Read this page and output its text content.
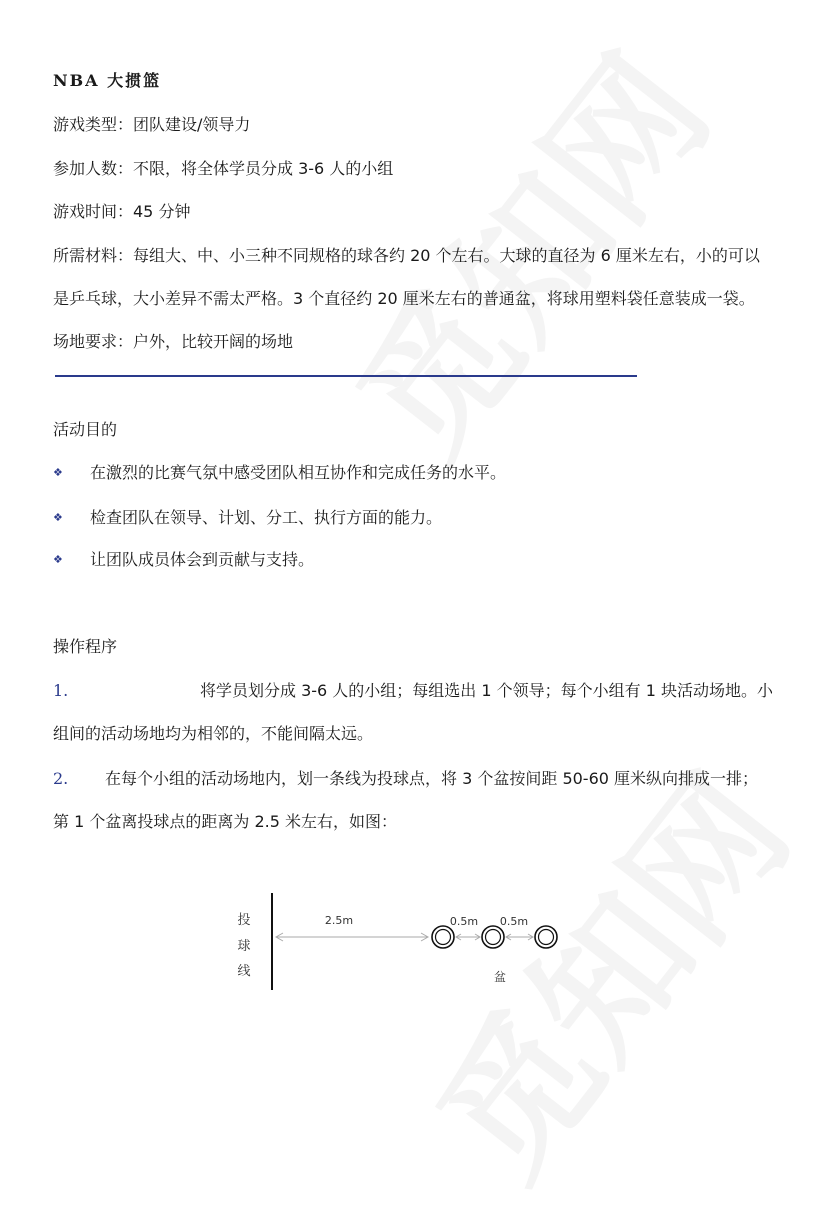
NBA 大掼篮
游戏类型：团队建设/领导力
参加人数：不限，将全体学员分成 3-6 人的小组
游戏时间：45 分钟
所需材料：每组大、中、小三种不同规格的球各约 20 个左右。大球的直径为 6 厘米左右，小的可以
是乒乓球，大小差异不需太严格。3 个直径约 20 厘米左右的普通盆，将球用塑料袋任意装成一袋。
场地要求：户外，比较开阔的场地
活动目的
❖ 在激烈的比赛气氛中感受团队相互协作和完成任务的水平。
❖ 检查团队在领导、计划、分工、执行方面的能力。
❖ 让团队成员体会到贡献与支持。
操作程序
1.	将学员划分成 3-6 人的小组；每组选出 1 个领导；每个小组有 1 块活动场地。小
组间的活动场地均为相邻的，不能间隔太远。
2. 在每个小组的活动场地内，划一条线为投球点，将 3 个盆按间距 50-60 厘米纵向排成一排；
第 1 个盆离投球点的距离为 2.5 米左右，如图：
投
球
线
2.5m	0.5m 0.5m
盆
